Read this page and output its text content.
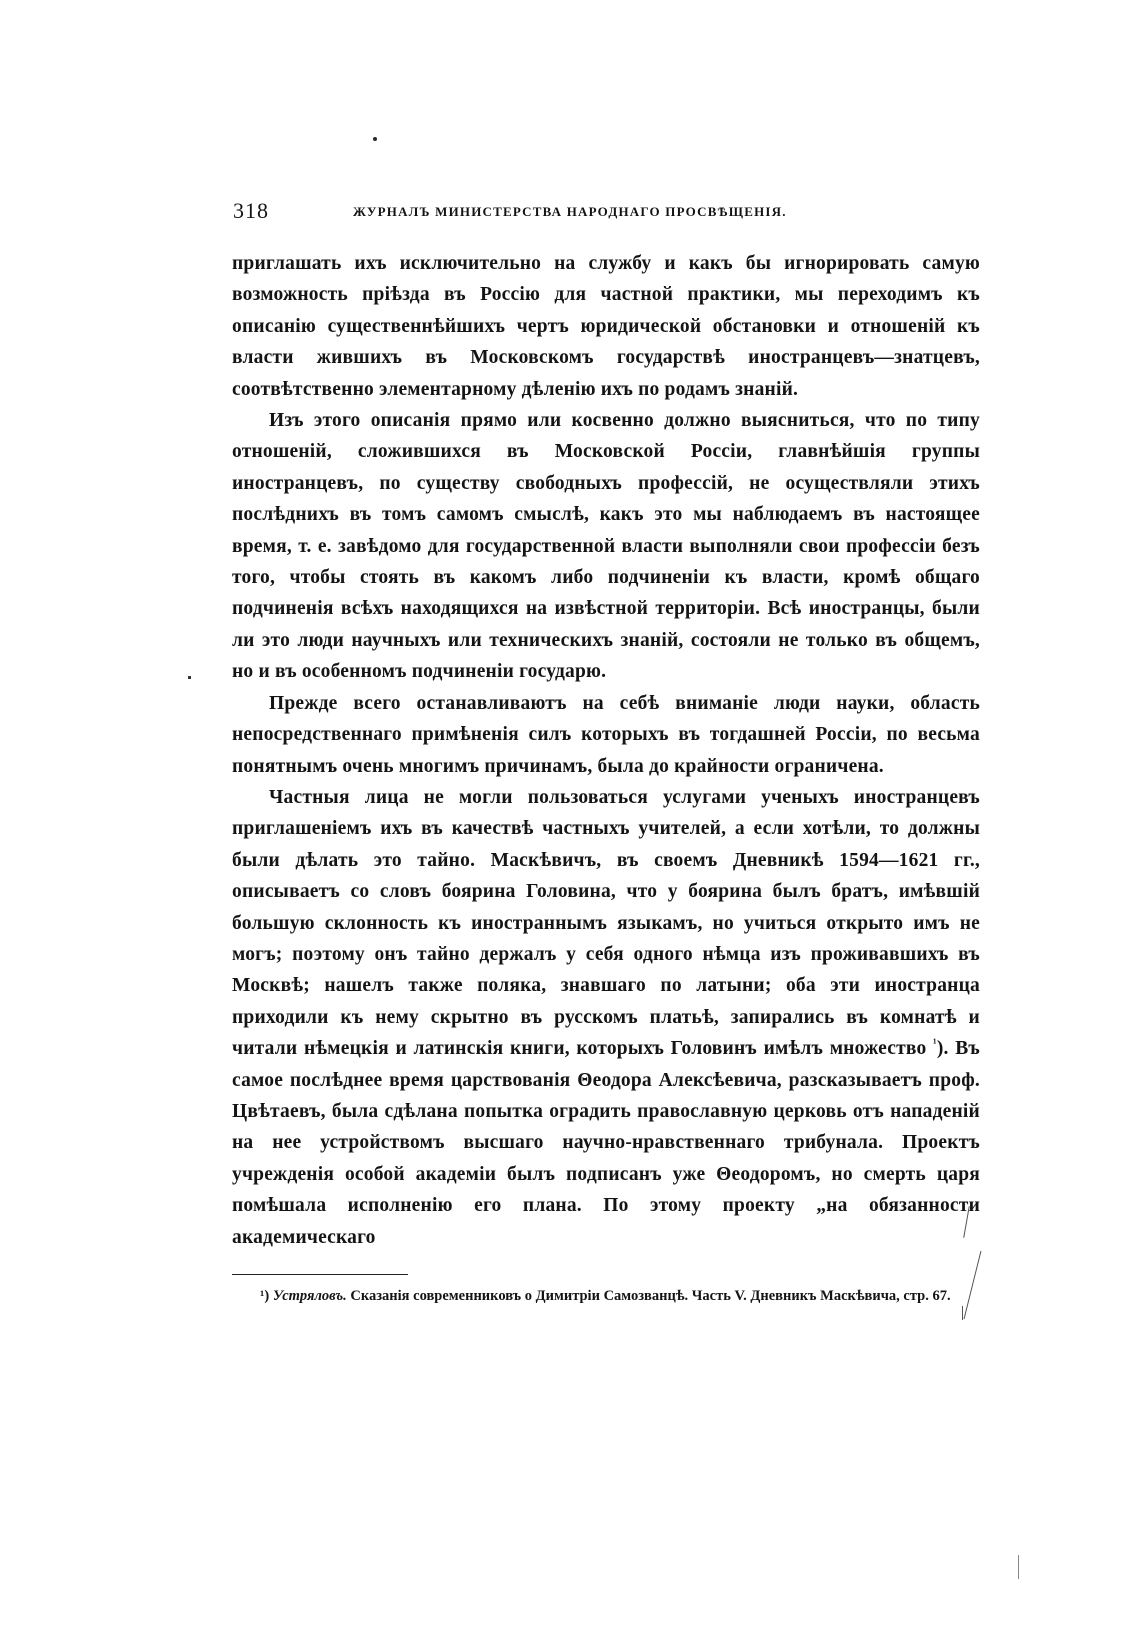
318	ЖУРНАЛЪ МИНИСТЕРСТВА НАРОДНАГО ПРОСВѢЩЕНІЯ.

приглашать ихъ исключительно на службу и какъ бы игнорировать самую возможность пріѣзда въ Россію для частной практики, мы переходимъ къ описанію существеннѣйшихъ чертъ юридической обстановки и отношеній къ власти жившихъ въ Московскомъ государствѣ иностранцевъ—знатцевъ, соотвѣтственно элементарному дѣленію ихъ по родамъ знаній.

Изъ этого описанія прямо или косвенно должно выясниться, что по типу отношеній, сложившихся въ Московской Россіи, главнѣйшія группы иностранцевъ, по существу свободныхъ профессій, не осуществляли этихъ послѣднихъ въ томъ самомъ смыслѣ, какъ это мы наблюдаемъ въ настоящее время, т. е. завѣдомо для государственной власти выполняли свои профессіи безъ того, чтобы стоять въ какомъ либо подчиненіи къ власти, кромѣ общаго подчиненія всѣхъ находящихся на извѣстной территоріи. Всѣ иностранцы, были ли это люди научныхъ или техническихъ знаній, состояли не только въ общемъ, но и въ особенномъ подчиненіи государю.

Прежде всего останавливаютъ на себѣ вниманіе люди науки, область непосредственнаго примѣненія силъ которыхъ въ тогдашней Россіи, по весьма понятнымъ очень многимъ причинамъ, была до крайности ограничена.

Частныя лица не могли пользоваться услугами ученыхъ иностранцевъ приглашеніемъ ихъ въ качествѣ частныхъ учителей, а если хотѣли, то должны были дѣлать это тайно. Маскѣвичъ, въ своемъ Дневникѣ 1594—1621 гг., описываетъ со словъ боярина Головина, что у боярина былъ братъ, имѣвшій большую склонность къ иностраннымъ языкамъ, но учиться открыто имъ не могъ; поэтому онъ тайно держалъ у себя одного нѣмца изъ проживавшихъ въ Москвѣ; нашелъ также поляка, знавшаго по латыни; оба эти иностранца приходили къ нему скрытно въ русскомъ платьѣ, запирались въ комнатѣ и читали нѣмецкія и латинскія книги, которыхъ Головинъ имѣлъ множество $^{^1}$). Въ самое послѣднее время царствованія Θеодора Алексѣевича, разсказываетъ проф. Цвѣтаевъ, была сдѣлана попытка оградить православную церковь отъ нападеній на нее устройствомъ высшаго научно-нравственнаго трибунала. Проектъ учрежденія особой академіи былъ подписанъ уже Θеодоромъ, но смерть царя помѣшала исполненію его плана. По этому проекту „на обязанности академическаго

¹) Устряловъ. Сказанія современниковъ о Димитріи Самозванцѣ. Часть V. Дневникъ Маскѣвича, стр. 67.
